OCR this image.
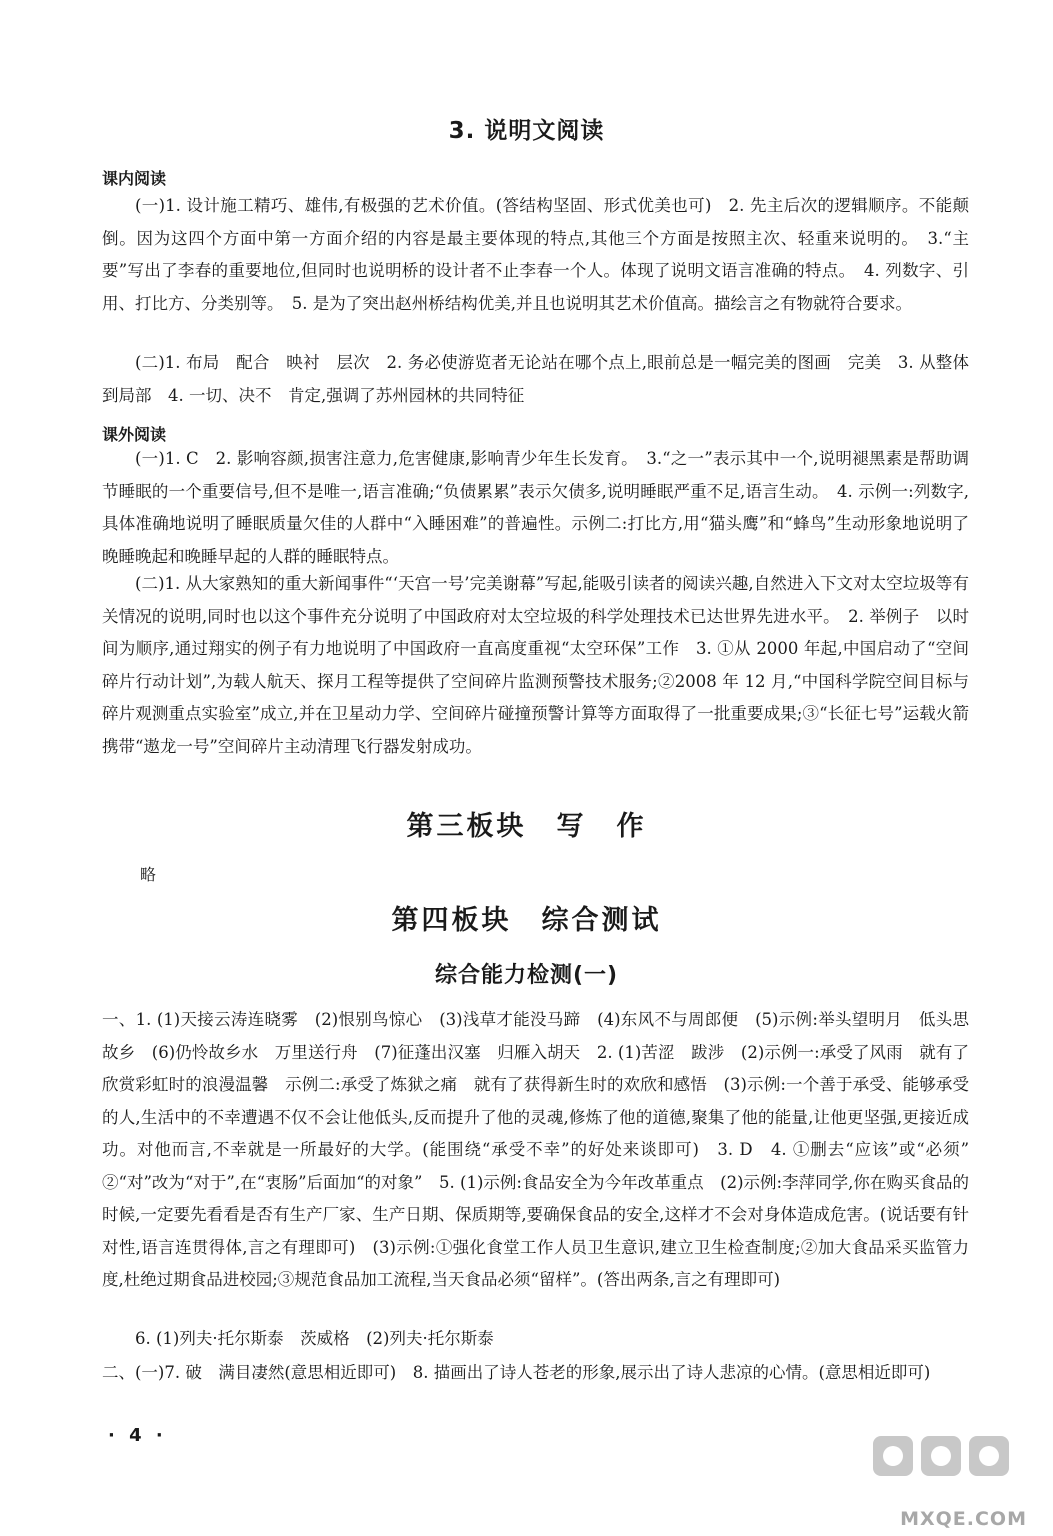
3. 说明文阅读
课内阅读

(一)1. 设计施工精巧、雄伟,有极强的艺术价值。(答结构坚固、形式优美也可)　2. 先主后次的逻辑顺序。不能颠倒。因为这四个方面中第一方面介绍的内容是最主要体现的特点,其他三个方面是按照主次、轻重来说明的。　3.“主要”写出了李春的重要地位,但同时也说明桥的设计者不止李春一个人。体现了说明文语言准确的特点。　4. 列数字、引用、打比方、分类别等。　5. 是为了突出赵州桥结构优美,并且也说明其艺术价值高。描绘言之有物就符合要求。

(二)1. 布局　配合　映衬　层次　2. 务必使游览者无论站在哪个点上,眼前总是一幅完美的图画　完美　3. 从整体到局部　4. 一切、决不　肯定,强调了苏州园林的共同特征

课外阅读

(一)1. C　2. 影响容颜,损害注意力,危害健康,影响青少年生长发育。　3.“之一”表示其中一个,说明褪黑素是帮助调节睡眠的一个重要信号,但不是唯一,语言准确;“负债累累”表示欠债多,说明睡眠严重不足,语言生动。　4. 示例一:列数字,具体准确地说明了睡眠质量欠佳的人群中“入睡困难”的普遍性。示例二:打比方,用“猫头鹰”和“蜂鸟”生动形象地说明了晚睡晚起和晚睡早起的人群的睡眠特点。

(二)1. 从大家熟知的重大新闻事件“‘天宫一号’完美谢幕”写起,能吸引读者的阅读兴趣,自然进入下文对太空垃圾等有关情况的说明,同时也以这个事件充分说明了中国政府对太空垃圾的科学处理技术已达世界先进水平。　2. 举例子　以时间为顺序,通过翔实的例子有力地说明了中国政府一直高度重视“太空环保”工作　3. ①从 2000 年起,中国启动了“空间碎片行动计划”,为载人航天、探月工程等提供了空间碎片监测预警技术服务;②2008 年 12 月,“中国科学院空间目标与碎片观测重点实验室”成立,并在卫星动力学、空间碎片碰撞预警计算等方面取得了一批重要成果;③“长征七号”运载火箭携带“遨龙一号”空间碎片主动清理飞行器发射成功。

第三板块　写　作
略
第四板块　综合测试
综合能力检测(一)

一、1. (1)天接云涛连晓雾　(2)恨别鸟惊心　(3)浅草才能没马蹄　(4)东风不与周郎便　(5)示例:举头望明月　低头思故乡　(6)仍怜故乡水　万里送行舟　(7)征蓬出汉塞　归雁入胡天　2. (1)苦涩　跋涉　(2)示例一:承受了风雨　就有了欣赏彩虹时的浪漫温馨　示例二:承受了炼狱之痛　就有了获得新生时的欢欣和感悟　(3)示例:一个善于承受、能够承受的人,生活中的不幸遭遇不仅不会让他低头,反而提升了他的灵魂,修炼了他的道德,聚集了他的能量,让他更坚强,更接近成功。对他而言,不幸就是一所最好的大学。(能围绕“承受不幸”的好处来谈即可)　3. D　4. ①删去“应该”或“必须”　②“对”改为“对于”,在“衷肠”后面加“的对象”　5. (1)示例:食品安全为今年改革重点　(2)示例:李萍同学,你在购买食品的时候,一定要先看看是否有生产厂家、生产日期、保质期等,要确保食品的安全,这样才不会对身体造成危害。(说话要有针对性,语言连贯得体,言之有理即可)　(3)示例:①强化食堂工作人员卫生意识,建立卫生检查制度;②加大食品采买监管力度,杜绝过期食品进校园;③规范食品加工流程,当天食品必须“留样”。(答出两条,言之有理即可)

6. (1)列夫·托尔斯泰　茨威格　(2)列夫·托尔斯泰

二、(一)7. 破　满目凄然(意思相近即可)　8. 描画出了诗人苍老的形象,展示出了诗人悲凉的心情。(意思相近即可)

· 4 ·
MXQE.COM
